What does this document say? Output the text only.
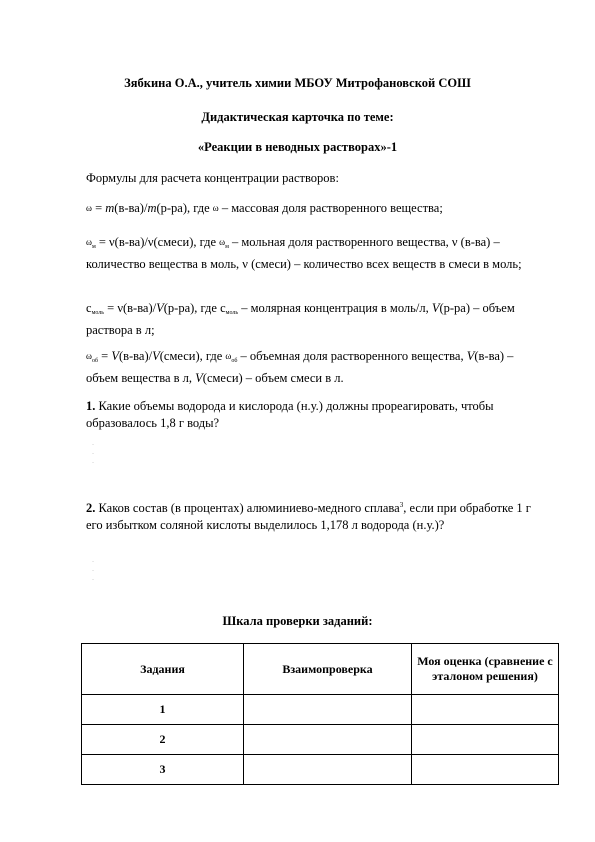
Зябкина О.А., учитель химии МБОУ Митрофановской СОШ
Дидактическая карточка по теме:
«Реакции в неводных растворах»-1
Формулы для расчета концентрации растворов:
ω = m(в-ва)/m(р-ра), где ω – массовая доля растворенного вещества;
$\omega_м$ = ν(в-ва)/ν(смеси), где $\omega_м$ – мольная доля растворенного вещества, ν (в-ва) – количество вещества в моль, ν (смеси) – количество всех веществ в смеси в моль;
$c_{моль} = \nu(в-ва)/V(р-ра)$, где $c_{моль}$ – молярная концентрация в моль/л, V(р-ра) – объем раствора в л;
$\omega_{об}$ = V(в-ва)/V(смеси), где $\omega_{об}$ – объемная доля растворенного вещества, V(в-ва) – объем вещества в л, V(смеси) – объем смеси в л.
1. Какие объемы водорода и кислорода (н.у.) должны прореагировать, чтобы образовалось 1,8 г воды?
˙
˙
˙
2. Каков состав (в процентах) алюминиево-медного сплава$^3$, если при обработке 1 г его избытком соляной кислоты выделилось 1,178 л водорода (н.у.)?
˙
˙
˙
Шкала проверки заданий:
Задания	Взаимопроверка	Моя оценка (сравнение с эталоном решения)
1		
2		
3		
